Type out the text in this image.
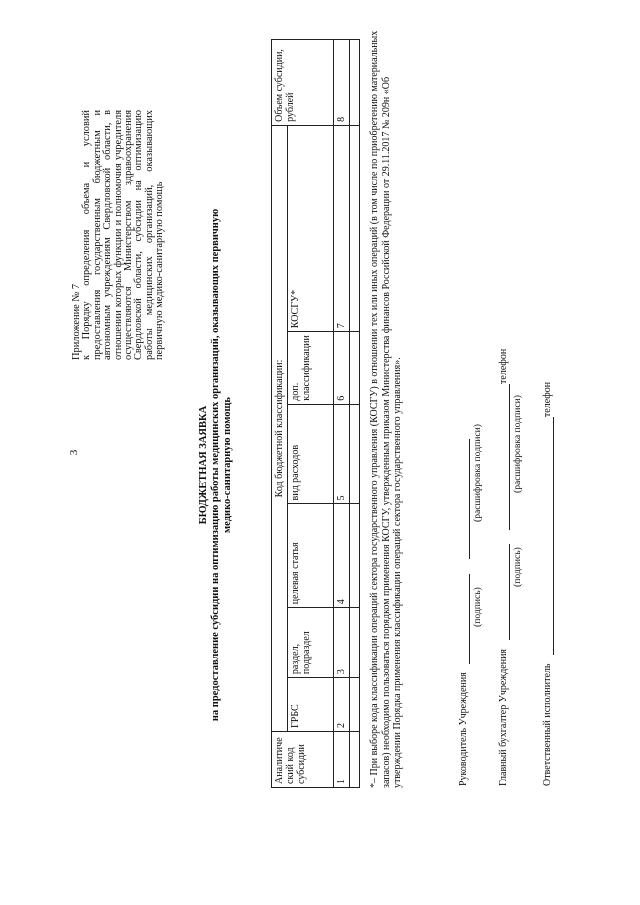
3
Приложение № 7 к Порядку определения объема и условий предоставления государственным бюджетным и автономным учреждениям Свердловской области, в отношении которых функции и полномочия учредителя осуществляются Министерством здравоохранения Свердловской области, субсидии на оптимизацию работы медицинских организаций, оказывающих первичную медико-санитарную помощь
БЮДЖЕТНАЯ ЗАЯВКА на предоставление субсидии на оптимизацию работы медицинских организаций, оказывающих первичную медико-санитарную помощь
Аналитиче ский код субсидии	Код бюджетной классификации:						Объем субсидии, рублей
	ГРБС	раздел, подраздел	целевая статья	вид расходов	доп. классификации	КОСГУ*	
1	2	3	4	5	6	7	8
							*– При выборе кода классификации операций сектора государственного управления (КОСГУ) в отношении тех или иных операций (в том числе по приобретению материальных запасов) необходимо пользоваться порядком применения КОСГУ, утвержденным приказом Министерства финансов Российской Федерации от 29.11.2017 № 209н «Об утверждении Порядка применения классификации операций сектора государственного управления».	Руководитель Учреждения
(подпись)
(расшифровка подписи)
Главный бухгалтер Учреждения  телефон
(подпись)
(расшифровка подписи)
Ответственный исполнитель телефон
